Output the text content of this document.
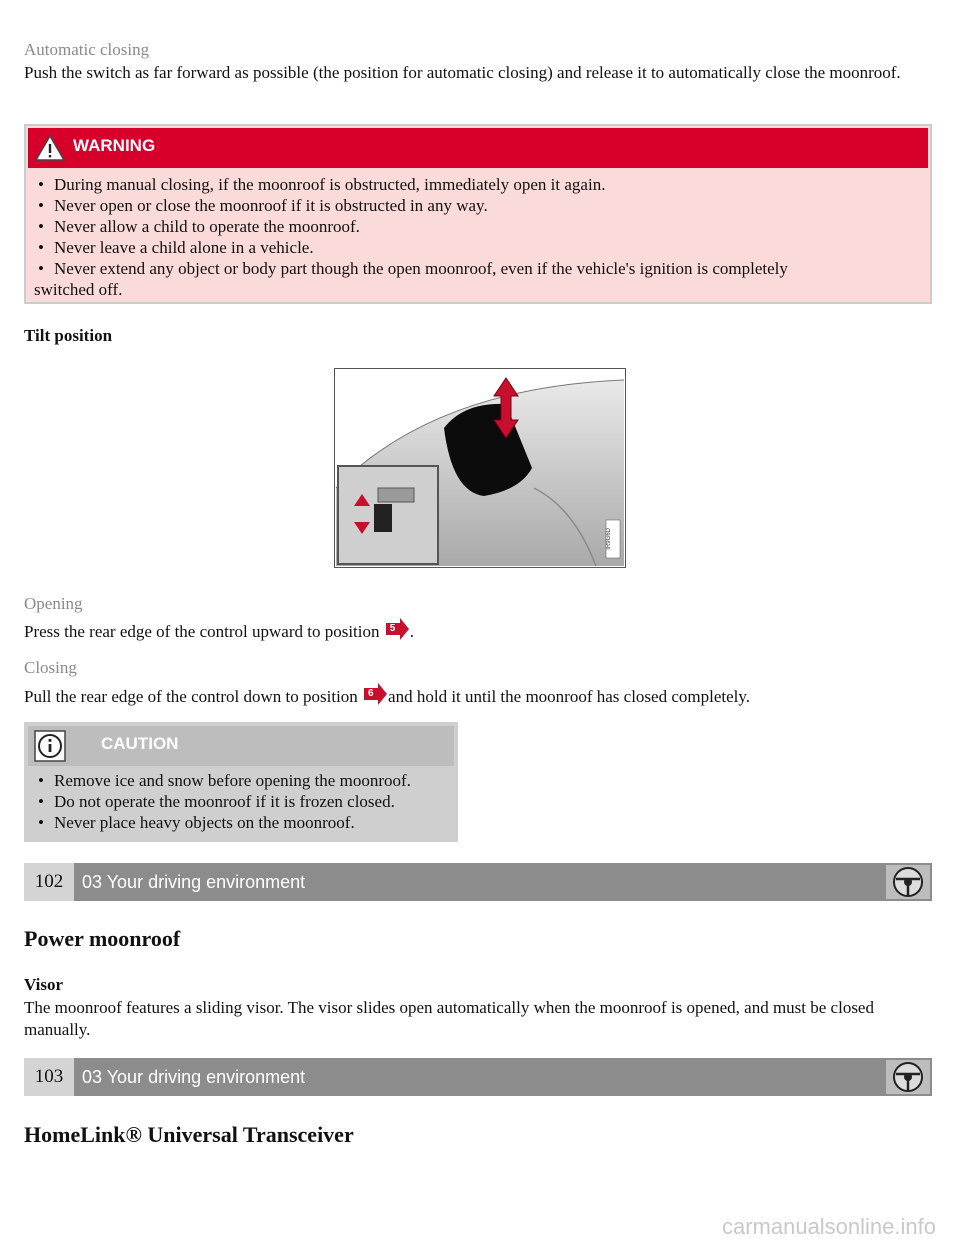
Automatic closing

Push the switch as far forward as possible (the position for automatic closing) and release it to automatically close the moonroof.

WARNING

• During manual closing, if the moonroof is obstructed, immediately open it again.

• Never open or close the moonroof if it is obstructed in any way.

• Never allow a child to operate the moonroof.

• Never leave a child alone in a vehicle.

• Never extend any object or body part though the open moonroof, even if the vehicle's ignition is completely

switched off.

Tilt position

IR9G6D

Opening

Press the rear edge of the control upward to position 5 .

Closing

Pull the rear edge of the control down to position 6 and hold it until the moonroof has closed completely.

CAUTION

• Remove ice and snow before opening the moonroof.

• Do not operate the moonroof if it is frozen closed.

• Never place heavy objects on the moonroof.

102	03 Your driving environment

Power moonroof

Visor

The moonroof features a sliding visor. The visor slides open automatically when the moonroof is opened, and must be closed manually.

103	03 Your driving environment

HomeLink® Universal Transceiver

carmanualsonline.info
